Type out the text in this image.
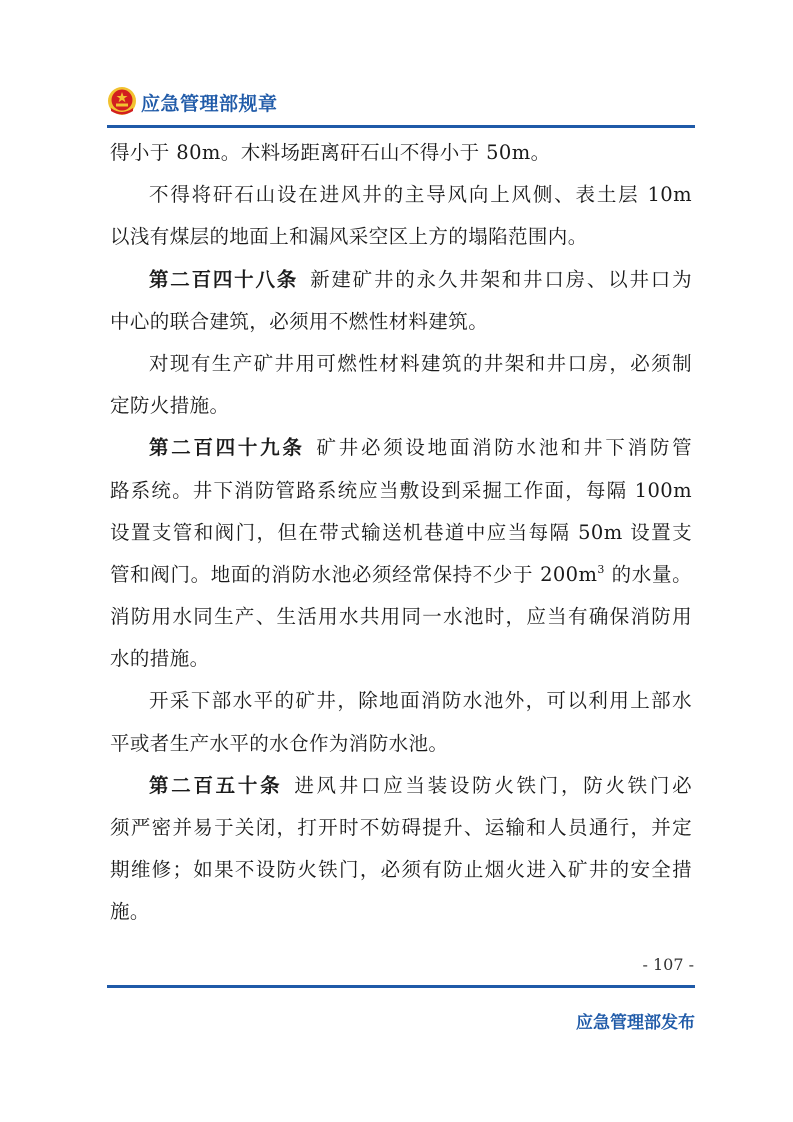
应急管理部规章
得小于 80m。木料场距离矸石山不得小于 50m。
不得将矸石山设在进风井的主导风向上风侧、表土层 10m
以浅有煤层的地面上和漏风采空区上方的塌陷范围内。
第二百四十八条 新建矿井的永久井架和井口房、以井口为
中心的联合建筑，必须用不燃性材料建筑。
对现有生产矿井用可燃性材料建筑的井架和井口房，必须制
定防火措施。
第二百四十九条 矿井必须设地面消防水池和井下消防管
路系统。井下消防管路系统应当敷设到采掘工作面，每隔 100m
设置支管和阀门，但在带式输送机巷道中应当每隔 50m 设置支
管和阀门。地面的消防水池必须经常保持不少于 $200m^3$ 的水量。
消防用水同生产、生活用水共用同一水池时，应当有确保消防用
水的措施。
开采下部水平的矿井，除地面消防水池外，可以利用上部水
平或者生产水平的水仓作为消防水池。
第二百五十条 进风井口应当装设防火铁门，防火铁门必
须严密并易于关闭，打开时不妨碍提升、运输和人员通行，并定
期维修；如果不设防火铁门，必须有防止烟火进入矿井的安全措
施。
- 107 -
应急管理部发布
